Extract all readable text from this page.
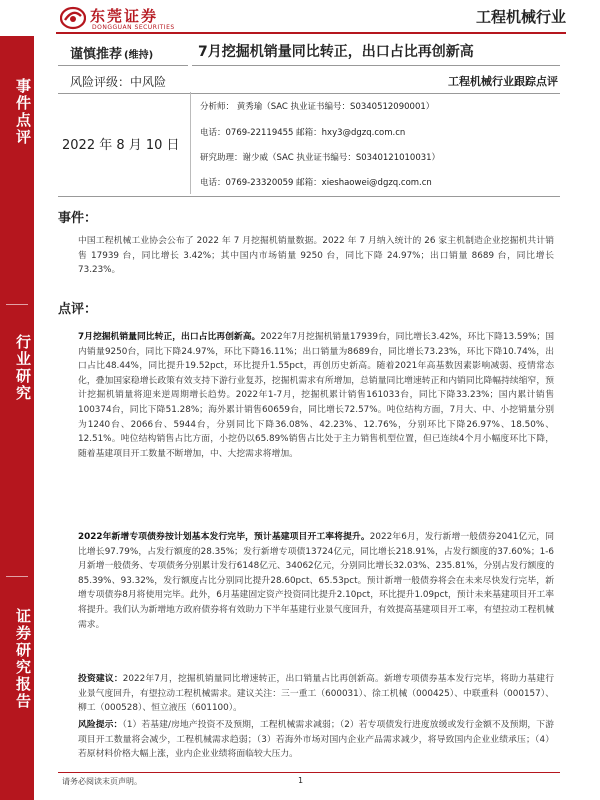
东莞证券
DONGGUAN SECURITIES
工程机械行业
事件点评
行业研究
证券研究报告
谨慎推荐 (维持)	7月挖掘机销量同比转正，出口占比再创新高
风险评级：中风险	工程机械行业跟踪点评
2022 年 8 月 10 日
分析师： 黄秀瑜（SAC 执业证书编号：S0340512090001）
电话：0769-22119455 邮箱：hxy3@dgzq.com.cn
研究助理：谢少威（SAC 执业证书编号：S0340121010031）
电话：0769-23320059 邮箱：xieshaowei@dgzq.com.cn
事件：
中国工程机械工业协会公布了 2022 年 7 月挖掘机销量数据。2022 年 7 月纳入统计的 26 家主机制造企业挖掘机共计销售 17939 台，同比增长 3.42%；其中国内市场销量 9250 台，同比下降 24.97%；出口销量 8689 台，同比增长 73.23%。
点评：
7月挖掘机销量同比转正，出口占比再创新高。2022年7月挖掘机销量17939台，同比增长3.42%，环比下降13.59%；国内销量9250台，同比下降24.97%，环比下降16.11%；出口销量为8689台，同比增长73.23%，环比下降10.74%，出口占比48.44%，同比提升19.52pct，环比提升1.55pct，再创历史新高。随着2021年高基数因素影响减弱、疫情常态化，叠加国家稳增长政策有效支持下游行业复苏，挖掘机需求有所增加，总销量同比增速转正和内销同比降幅持续缩窄，预计挖掘机销量将迎来逆周期增长趋势。2022年1-7月，挖掘机累计销售161033台，同比下降33.23%；国内累计销售100374台，同比下降51.28%；海外累计销售60659台，同比增长72.57%。吨位结构方面，7月大、中、小挖销量分别为1240台、2066台、5944台，分别同比下降36.08%、42.23%、12.76%，分别环比下降26.97%、18.50%、12.51%。吨位结构销售占比方面，小挖仍以65.89%销售占比处于主力销售机型位置，但已连续4个月小幅度环比下降，随着基建项目开工数量不断增加，中、大挖需求将增加。
2022年新增专项债券按计划基本发行完毕，预计基建项目开工率将提升。2022年6月，发行新增一般债券2041亿元，同比增长97.79%，占发行额度的28.35%；发行新增专项债13724亿元，同比增长218.91%，占发行额度的37.60%；1-6月新增一般债务、专项债务分别累计发行6148亿元、34062亿元，分别同比增长32.03%、235.81%，分别占发行额度的85.39%、93.32%，发行额度占比分别同比提升28.60pct、65.53pct。预计新增一般债券将会在未来尽快发行完毕，新增专项债券8月将使用完毕。此外，6月基建固定资产投资同比提升2.10pct，环比提升1.09pct，预计未来基建项目开工率将提升。我们认为新增地方政府债券将有效助力下半年基建行业景气度回升，有效提高基建项目开工率，有望拉动工程机械需求。
投资建议：2022年7月，挖掘机销量同比增速转正，出口销量占比再创新高。新增专项债券基本发行完毕，将助力基建行业景气度回升，有望拉动工程机械需求。建议关注：三一重工（600031）、徐工机械（000425）、中联重科（000157）、柳工（000528）、恒立液压（601100）。
风险提示：（1）若基建/房地产投资不及预期，工程机械需求减弱；（2）若专项债发行进度放缓或发行金额不及预期，下游项目开工数量将会减少，工程机械需求趋弱；（3）若海外市场对国内企业产品需求减少，将导致国内企业业绩承压；（4）若原材料价格大幅上涨，业内企业业绩将面临较大压力。
请务必阅读末页声明。	1
